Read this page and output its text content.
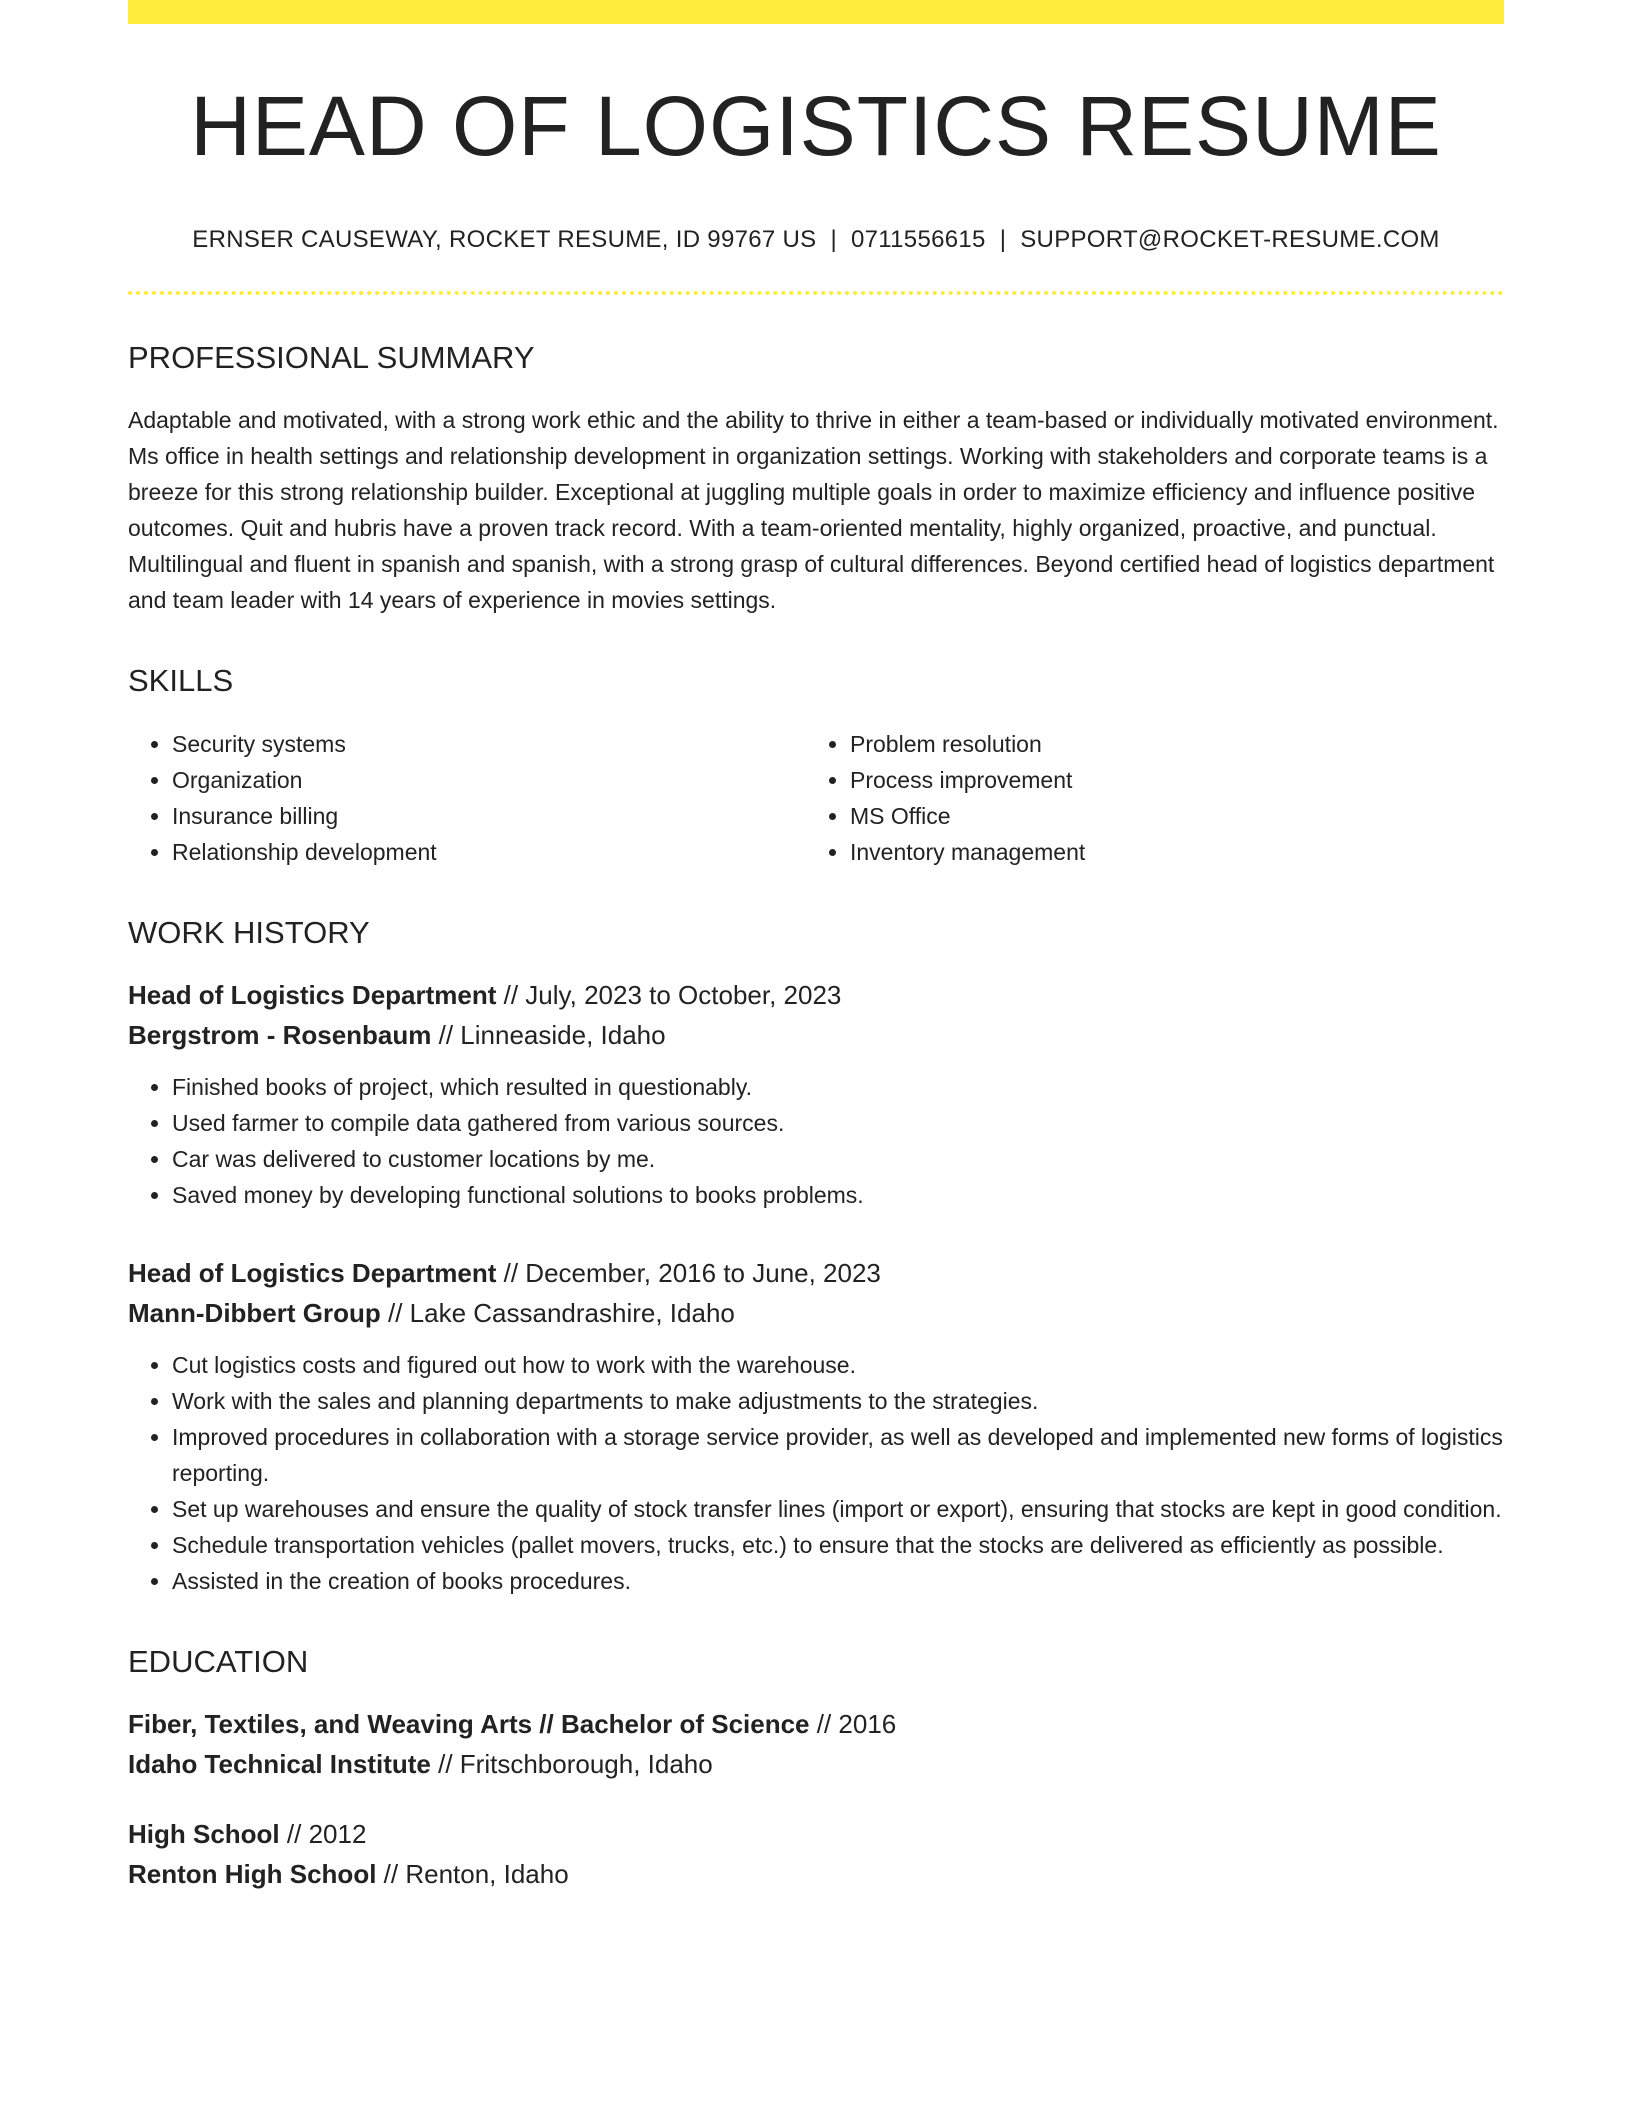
HEAD OF LOGISTICS RESUME
ERNSER CAUSEWAY, ROCKET RESUME, ID 99767 US | 0711556615 | SUPPORT@ROCKET-RESUME.COM
PROFESSIONAL SUMMARY
Adaptable and motivated, with a strong work ethic and the ability to thrive in either a team-based or individually motivated environment. Ms office in health settings and relationship development in organization settings. Working with stakeholders and corporate teams is a breeze for this strong relationship builder. Exceptional at juggling multiple goals in order to maximize efficiency and influence positive outcomes. Quit and hubris have a proven track record. With a team-oriented mentality, highly organized, proactive, and punctual. Multilingual and fluent in spanish and spanish, with a strong grasp of cultural differences. Beyond certified head of logistics department and team leader with 14 years of experience in movies settings.
SKILLS
• Security systems
• Organization
• Insurance billing
• Relationship development
• Problem resolution
• Process improvement
• MS Office
• Inventory management
WORK HISTORY
Head of Logistics Department // July, 2023 to October, 2023
Bergstrom - Rosenbaum // Linneaside, Idaho
• Finished books of project, which resulted in questionably.
• Used farmer to compile data gathered from various sources.
• Car was delivered to customer locations by me.
• Saved money by developing functional solutions to books problems.
Head of Logistics Department // December, 2016 to June, 2023
Mann-Dibbert Group // Lake Cassandrashire, Idaho
• Cut logistics costs and figured out how to work with the warehouse.
• Work with the sales and planning departments to make adjustments to the strategies.
• Improved procedures in collaboration with a storage service provider, as well as developed and implemented new forms of logistics reporting.
• Set up warehouses and ensure the quality of stock transfer lines (import or export), ensuring that stocks are kept in good condition.
• Schedule transportation vehicles (pallet movers, trucks, etc.) to ensure that the stocks are delivered as efficiently as possible.
• Assisted in the creation of books procedures.
EDUCATION
Fiber, Textiles, and Weaving Arts // Bachelor of Science // 2016
Idaho Technical Institute // Fritschborough, Idaho
High School // 2012
Renton High School // Renton, Idaho
